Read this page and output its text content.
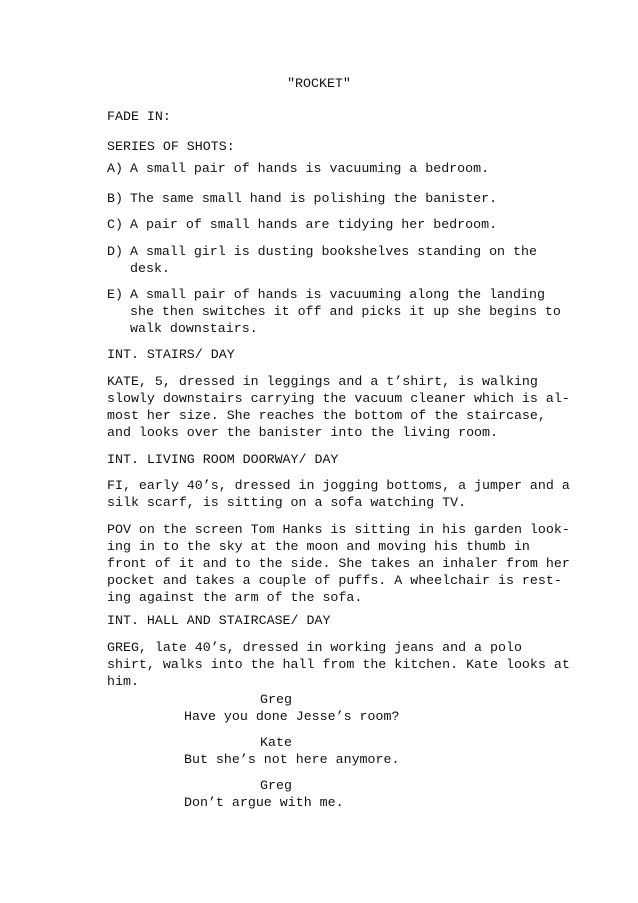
"ROCKET"
FADE IN:
SERIES OF SHOTS:
A) A small pair of hands is vacuuming a bedroom.
B) The same small hand is polishing the banister.
C) A pair of small hands are tidying her bedroom.
D) A small girl is dusting bookshelves standing on the
desk.
E) A small pair of hands is vacuuming along the landing
she then switches it off and picks it up she begins to
walk downstairs.
INT. STAIRS/ DAY
KATE, 5, dressed in leggings and a t’shirt, is walking
slowly downstairs carrying the vacuum cleaner which is al-
most her size. She reaches the bottom of the staircase,
and looks over the banister into the living room.
INT. LIVING ROOM DOORWAY/ DAY
FI, early 40’s, dressed in jogging bottoms, a jumper and a
silk scarf, is sitting on a sofa watching TV.
POV on the screen Tom Hanks is sitting in his garden look-
ing in to the sky at the moon and moving his thumb in
front of it and to the side. She takes an inhaler from her
pocket and takes a couple of puffs. A wheelchair is rest-
ing against the arm of the sofa.
INT. HALL AND STAIRCASE/ DAY
GREG, late 40’s, dressed in working jeans and a polo
shirt, walks into the hall from the kitchen. Kate looks at
him.
Greg
Have you done Jesse’s room?
Kate
But she’s not here anymore.
Greg
Don’t argue with me.
